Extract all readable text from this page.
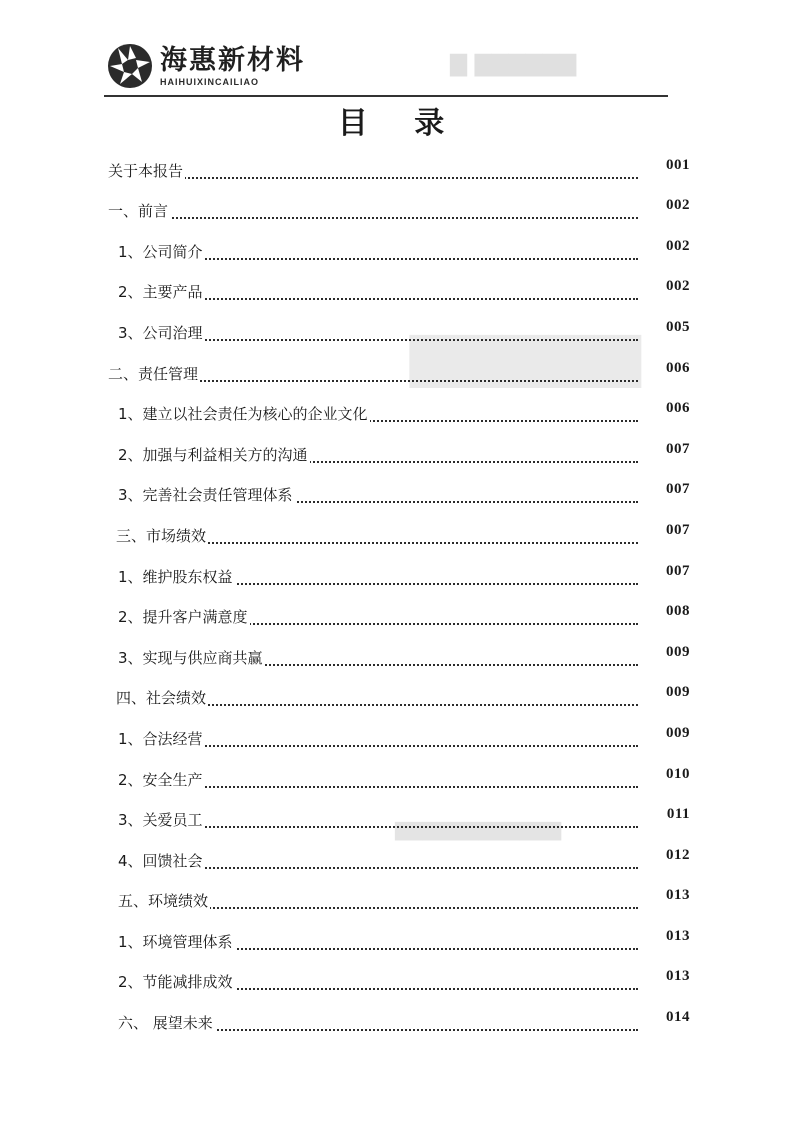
▇▇▇▇▇▇ ▇
▆▆▆▆▆
▇▇▇▇▇▇▇▇▇▇▇▇
海惠新材料
HAIHUIXINCAILIAO
目 录
关于本报告	001
一、前言	002
1、公司简介	002
2、主要产品	002
3、公司治理	005
二、责任管理	006
1、建立以社会责任为核心的企业文化	006
2、加强与利益相关方的沟通	007
3、完善社会责任管理体系	007
三、市场绩效	007
1、维护股东权益	007
2、提升客户满意度	008
3、实现与供应商共赢	009
四、社会绩效	009
1、合法经营	009
2、安全生产	010
3、关爱员工	011
4、回馈社会	012
五、环境绩效	013
1、环境管理体系	013
2、节能减排成效	013
六、 展望未来	014
